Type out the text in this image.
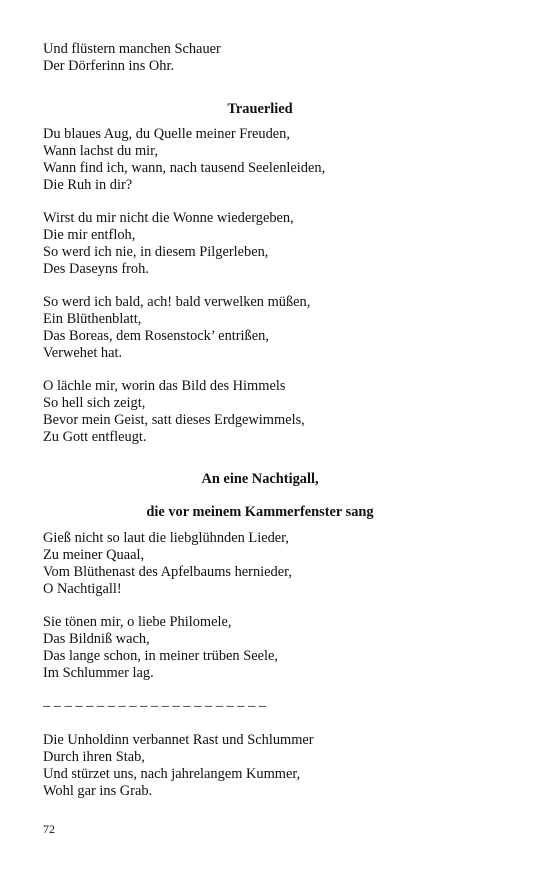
Und flüstern manchen Schauer
Der Dörferinn ins Ohr.
Trauerlied
Du blaues Aug, du Quelle meiner Freuden,
Wann lachst du mir,
Wann find ich, wann, nach tausend Seelenleiden,
Die Ruh in dir?
Wirst du mir nicht die Wonne wiedergeben,
Die mir entfloh,
So werd ich nie, in diesem Pilgerleben,
Des Daseyns froh.
So werd ich bald, ach! bald verwelken müßen,
Ein Blüthenblatt,
Das Boreas, dem Rosenstock’ entrißen,
Verwehet hat.
O lächle mir, worin das Bild des Himmels
So hell sich zeigt,
Bevor mein Geist, satt dieses Erdgewimmels,
Zu Gott entfleugt.
An eine Nachtigall,
die vor meinem Kammerfenster sang
Gieß nicht so laut die liebglühnden Lieder,
Zu meiner Quaal,
Vom Blüthenast des Apfelbaums hernieder,
O Nachtigall!
Sie tönen mir, o liebe Philomele,
Das Bildniß wach,
Das lange schon, in meiner trüben Seele,
Im Schlummer lag.
– – – – – – – – – – – – – – – – – – – – –
Die Unholdinn verbannet Rast und Schlummer
Durch ihren Stab,
Und stürzet uns, nach jahrelangem Kummer,
Wohl gar ins Grab.
72
